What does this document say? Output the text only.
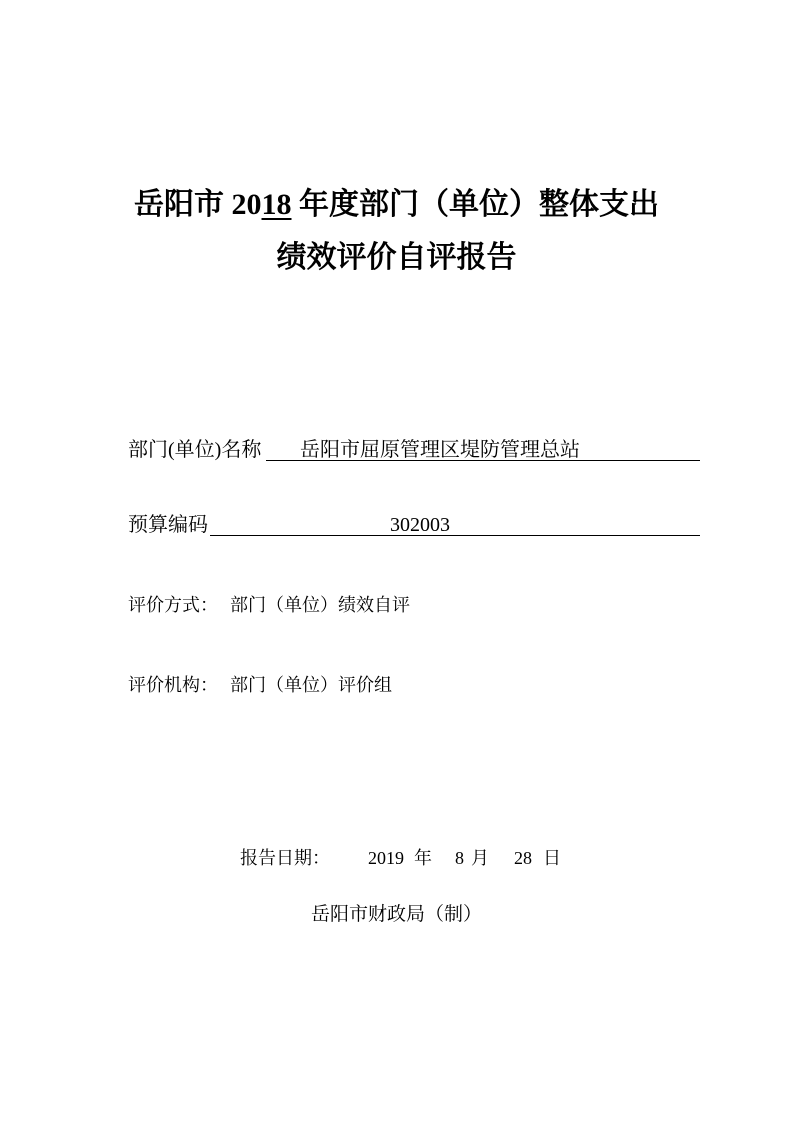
岳阳市 2018 年度部门（单位）整体支出
绩效评价自评报告
部门(单位)名称	岳阳市屈原管理区堤防管理总站
预算编码	302003
评价方式： 部门（单位）绩效自评
评价机构： 部门（单位）评价组
报告日期： 2019 年 8 月 28 日
岳阳市财政局（制）
